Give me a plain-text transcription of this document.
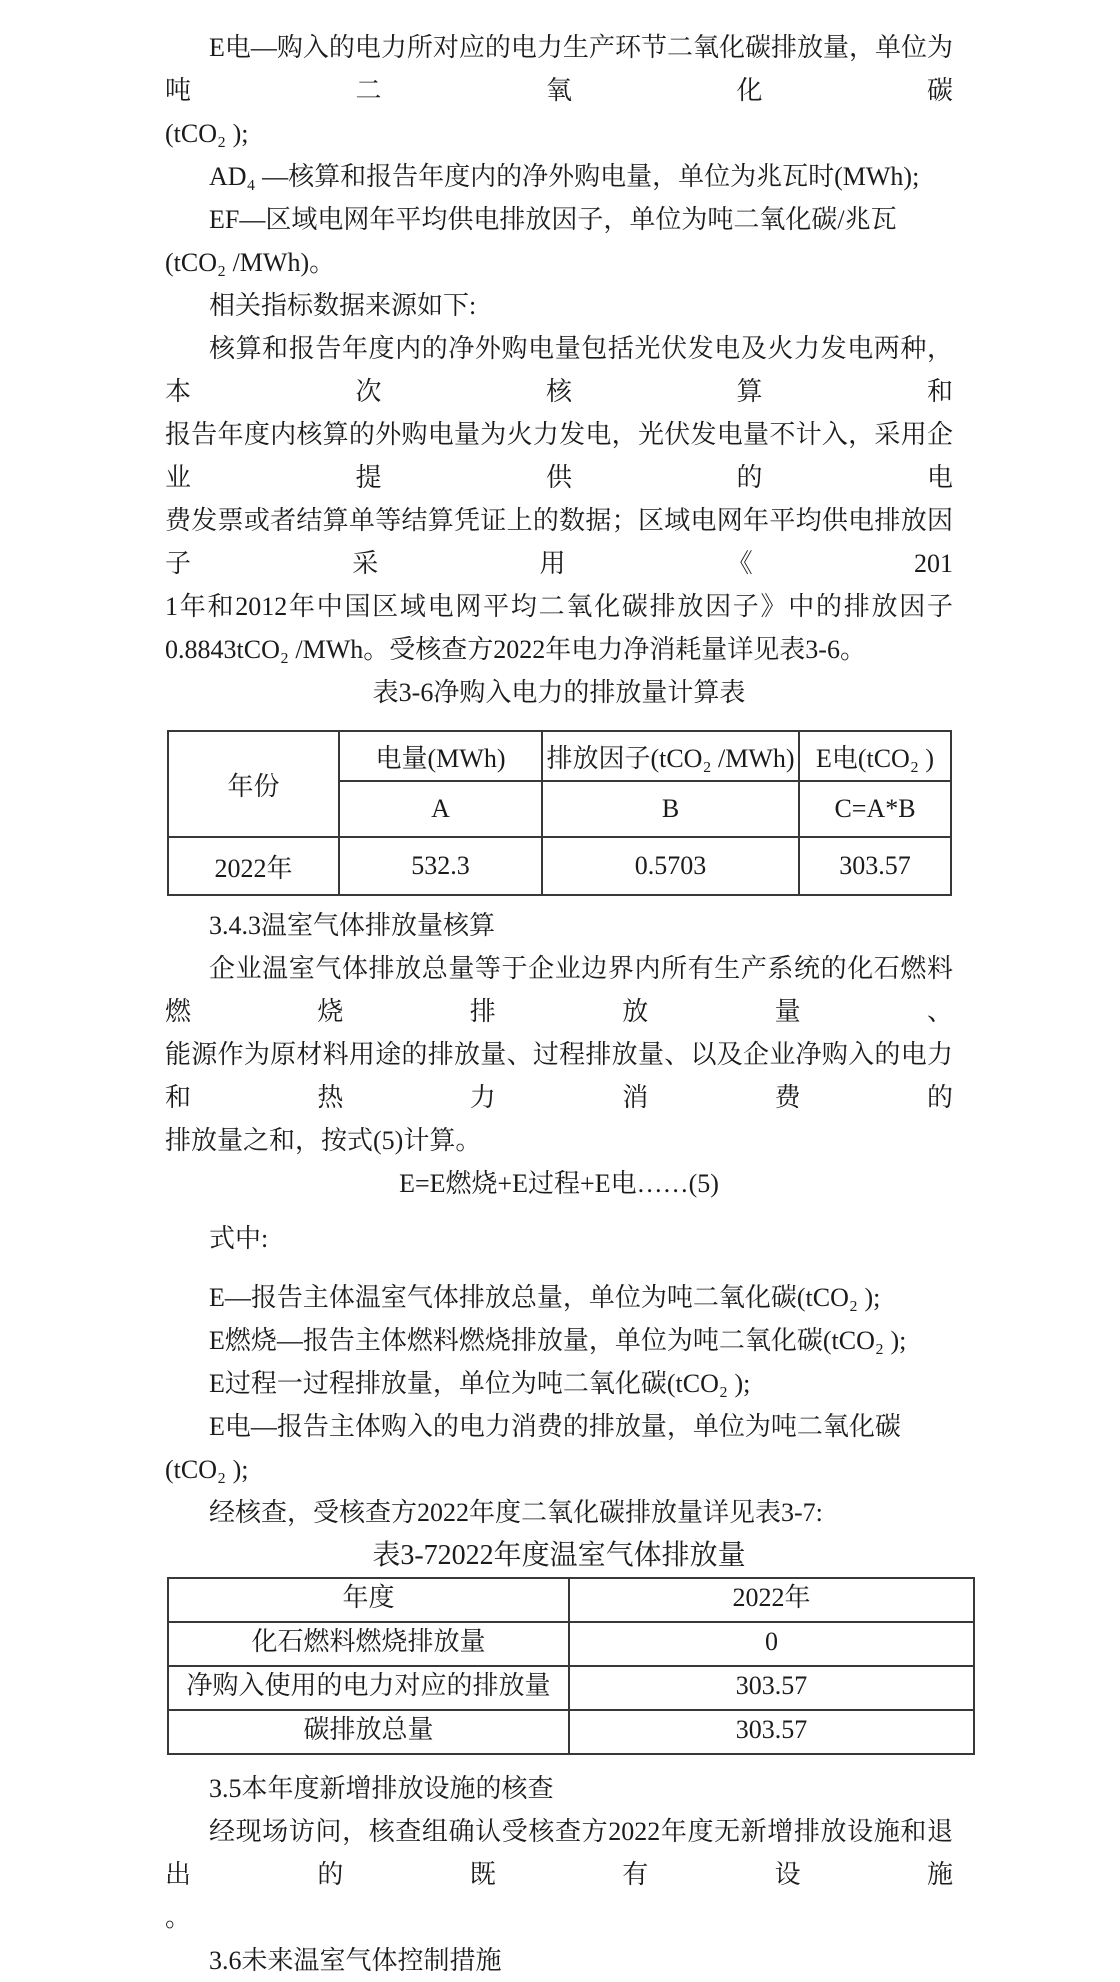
E电—购入的电力所对应的电力生产环节二氧化碳排放量，单位为吨二氧化碳
(tCO₂ );
AD₄ —核算和报告年度内的净外购电量，单位为兆瓦时(MWh);
EF—区域电网年平均供电排放因子，单位为吨二氧化碳/兆瓦(tCO₂ /MWh)。
相关指标数据来源如下:
核算和报告年度内的净外购电量包括光伏发电及火力发电两种，本次核算和
报告年度内核算的外购电量为火力发电，光伏发电量不计入，采用企业提供的电
费发票或者结算单等结算凭证上的数据；区域电网年平均供电排放因子采用《201
1年和2012年中国区域电网平均二氧化碳排放因子》中的排放因子
0.8843tCO₂ /MWh。受核查方2022年电力净消耗量详见表3-6。
表3-6净购入电力的排放量计算表
年份	电量(MWh)	排放因子(tCO₂ /MWh)	E电(tCO₂ )
	A	B	C=A*B
2022年	532.3	0.5703	303.57
3.4.3温室气体排放量核算
企业温室气体排放总量等于企业边界内所有生产系统的化石燃料燃烧排放量、
能源作为原材料用途的排放量、过程排放量、以及企业净购入的电力和热力消费的
排放量之和，按式(5)计算。
E=E燃烧+E过程+E电……(5)
式中:
E—报告主体温室气体排放总量，单位为吨二氧化碳(tCO₂ );
E燃烧—报告主体燃料燃烧排放量，单位为吨二氧化碳(tCO₂ );
E过程一过程排放量，单位为吨二氧化碳(tCO₂ );
E电—报告主体购入的电力消费的排放量，单位为吨二氧化碳(tCO₂ );
经核查，受核查方2022年度二氧化碳排放量详见表3-7:
表3-72022年度温室气体排放量
年度	2022年
化石燃料燃烧排放量	0
净购入使用的电力对应的排放量	303.57
碳排放总量	303.57
3.5本年度新增排放设施的核查
经现场访问，核查组确认受核查方2022年度无新增排放设施和退出的既有设施
。
3.6未来温室气体控制措施
